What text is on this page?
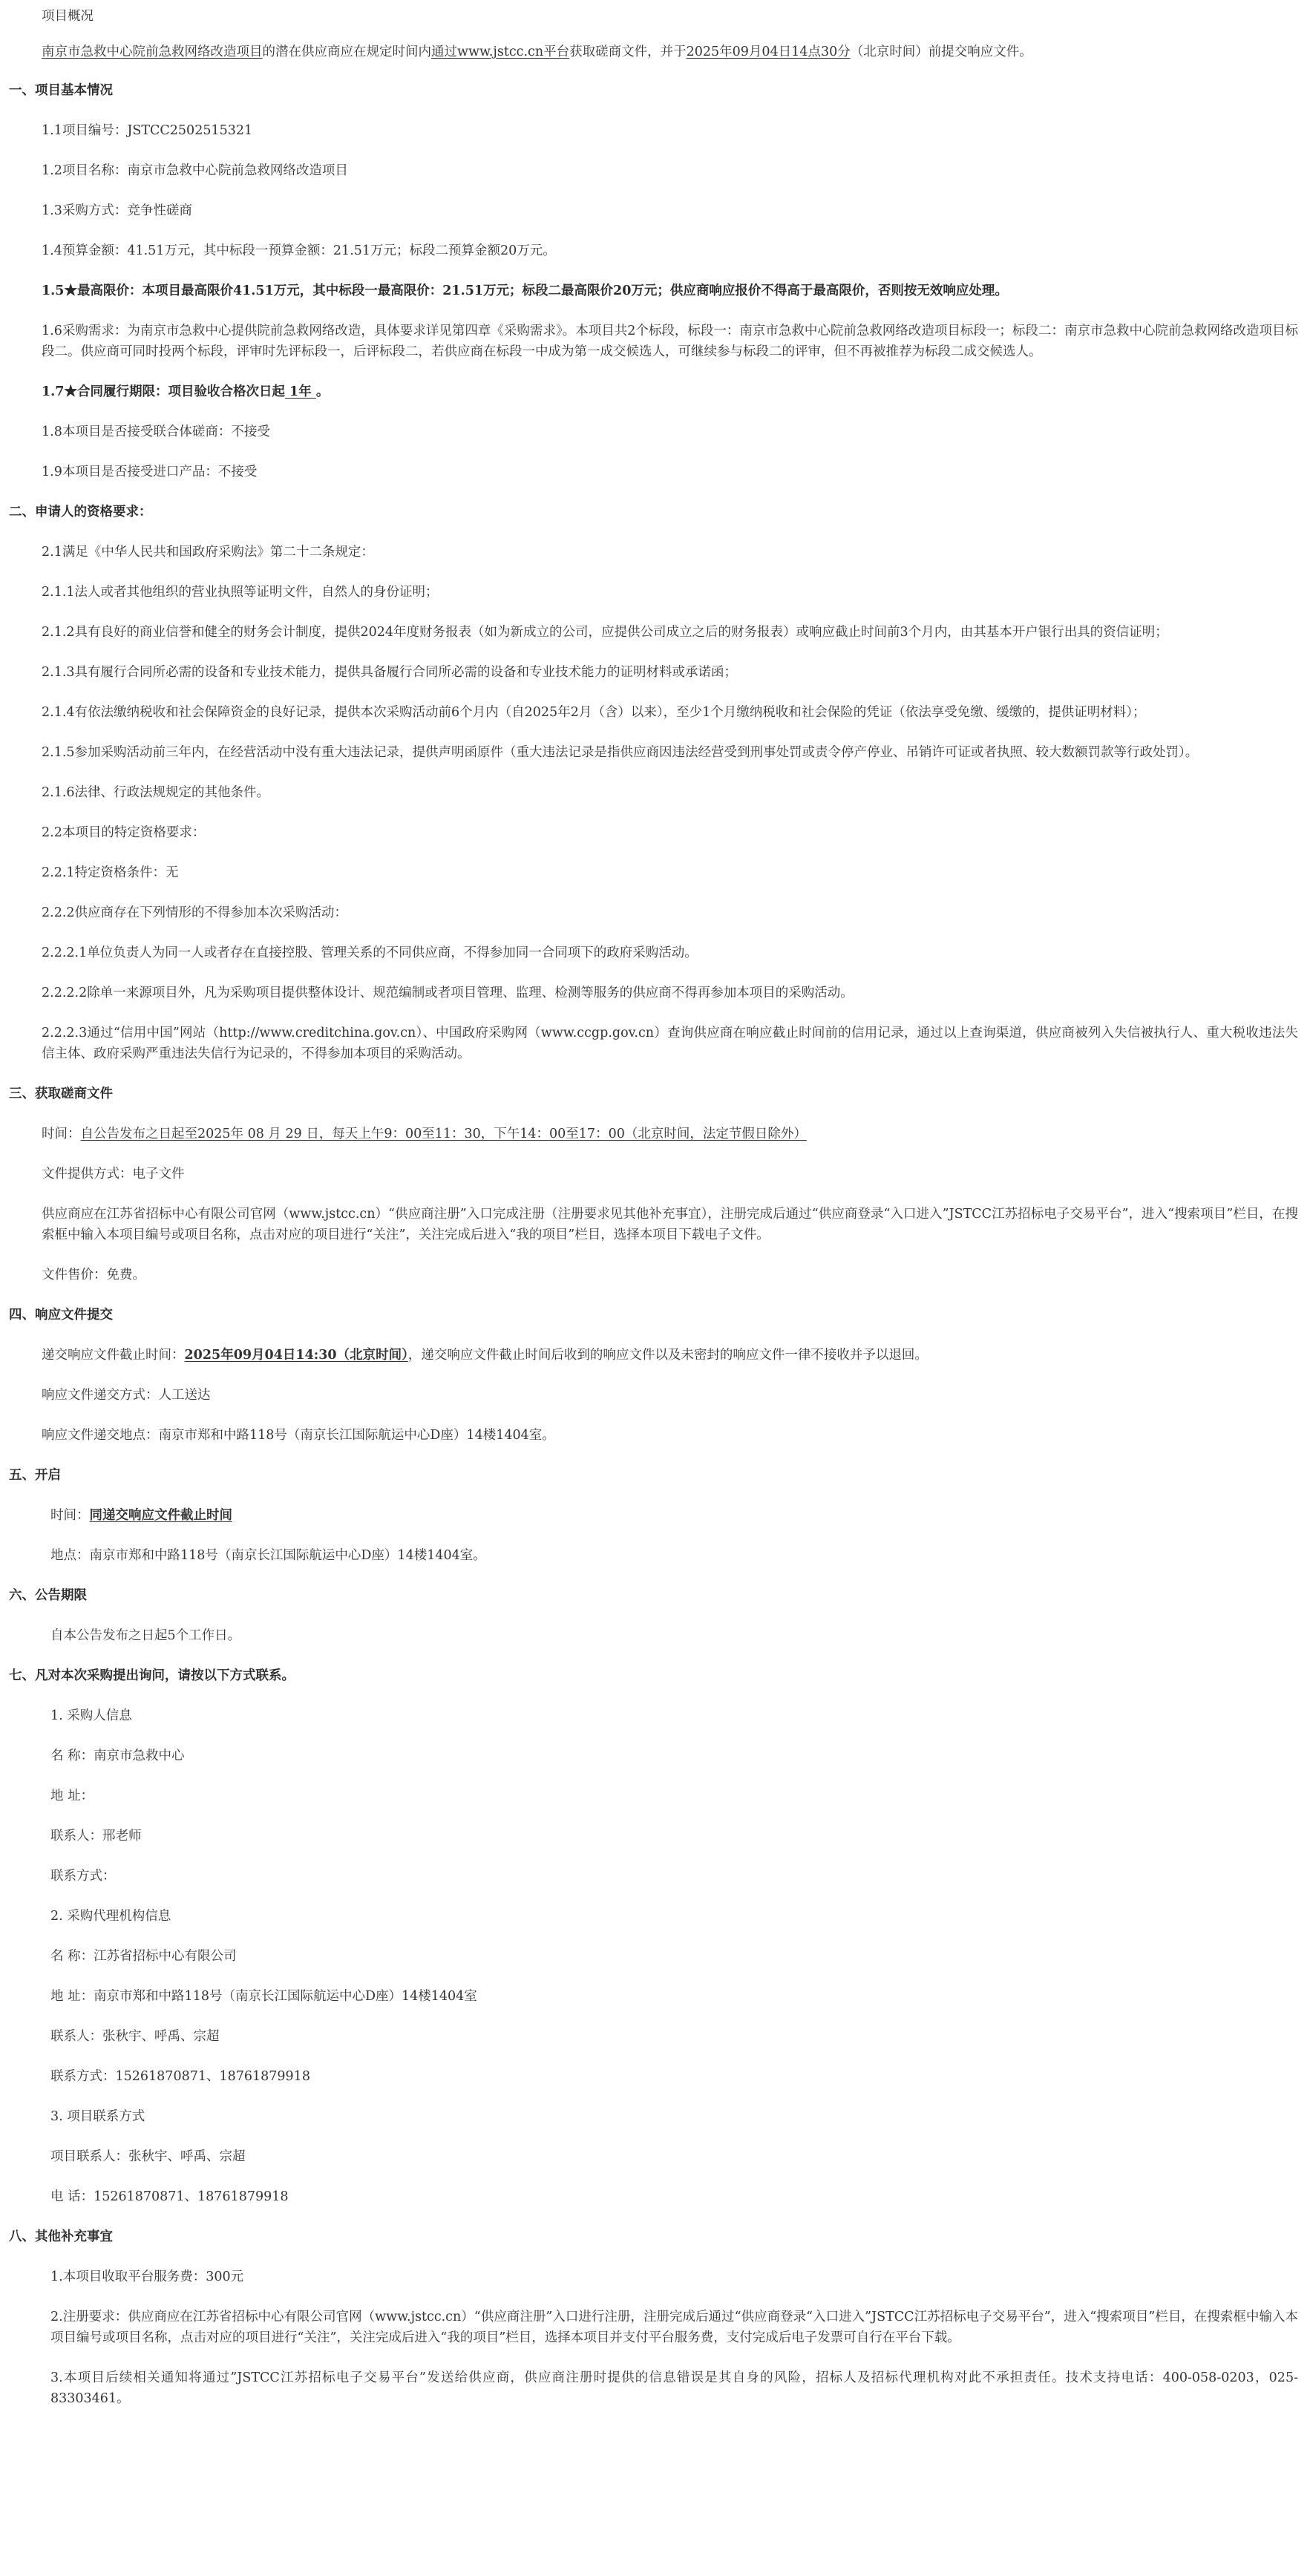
项目概况

南京市急救中心院前急救网络改造项目的潜在供应商应在规定时间内通过www.jstcc.cn平台获取磋商文件，并于2025年09月04日14点30分（北京时间）前提交响应文件。

一、项目基本情况

1.1项目编号：JSTCC2502515321

1.2项目名称：南京市急救中心院前急救网络改造项目

1.3采购方式：竞争性磋商

1.4预算金额：41.51万元，其中标段一预算金额：21.51万元；标段二预算金额20万元。

1.5★最高限价：本项目最高限价41.51万元，其中标段一最高限价：21.51万元；标段二最高限价20万元；供应商响应报价不得高于最高限价，否则按无效响应处理。

1.6采购需求：为南京市急救中心提供院前急救网络改造，具体要求详见第四章《采购需求》。本项目共2个标段，标段一：南京市急救中心院前急救网络改造项目标段一；标段二：南京市急救中心院前急救网络改造项目标段二。供应商可同时投两个标段，评审时先评标段一，后评标段二，若供应商在标段一中成为第一成交候选人，可继续参与标段二的评审，但不再被推荐为标段二成交候选人。

1.7★合同履行期限：项目验收合格次日起 1年 。

1.8本项目是否接受联合体磋商：不接受

1.9本项目是否接受进口产品：不接受

二、申请人的资格要求：

2.1满足《中华人民共和国政府采购法》第二十二条规定：

2.1.1法人或者其他组织的营业执照等证明文件，自然人的身份证明；

2.1.2具有良好的商业信誉和健全的财务会计制度，提供2024年度财务报表（如为新成立的公司，应提供公司成立之后的财务报表）或响应截止时间前3个月内，由其基本开户银行出具的资信证明；

2.1.3具有履行合同所必需的设备和专业技术能力，提供具备履行合同所必需的设备和专业技术能力的证明材料或承诺函；

2.1.4有依法缴纳税收和社会保障资金的良好记录，提供本次采购活动前6个月内（自2025年2月（含）以来），至少1个月缴纳税收和社会保险的凭证（依法享受免缴、缓缴的，提供证明材料）；

2.1.5参加采购活动前三年内，在经营活动中没有重大违法记录，提供声明函原件（重大违法记录是指供应商因违法经营受到刑事处罚或责令停产停业、吊销许可证或者执照、较大数额罚款等行政处罚）。

2.1.6法律、行政法规规定的其他条件。

2.2本项目的特定资格要求：

2.2.1特定资格条件：无

2.2.2供应商存在下列情形的不得参加本次采购活动：

2.2.2.1单位负责人为同一人或者存在直接控股、管理关系的不同供应商，不得参加同一合同项下的政府采购活动。

2.2.2.2除单一来源项目外，凡为采购项目提供整体设计、规范编制或者项目管理、监理、检测等服务的供应商不得再参加本项目的采购活动。

2.2.2.3通过“信用中国”网站（http://www.creditchina.gov.cn）、中国政府采购网（www.ccgp.gov.cn）查询供应商在响应截止时间前的信用记录，通过以上查询渠道，供应商被列入失信被执行人、重大税收违法失信主体、政府采购严重违法失信行为记录的，不得参加本项目的采购活动。

三、获取磋商文件

时间：自公告发布之日起至2025年 08 月 29 日，每天上午9：00至11：30，下午14：00至17：00（北京时间，法定节假日除外）

文件提供方式：电子文件

供应商应在江苏省招标中心有限公司官网（www.jstcc.cn）“供应商注册”入口完成注册（注册要求见其他补充事宜），注册完成后通过“供应商登录“入口进入”JSTCC江苏招标电子交易平台”，进入“搜索项目”栏目，在搜索框中输入本项目编号或项目名称，点击对应的项目进行“关注”，关注完成后进入“我的项目”栏目，选择本项目下载电子文件。

文件售价：免费。

四、响应文件提交

递交响应文件截止时间：2025年09月04日14:30（北京时间），递交响应文件截止时间后收到的响应文件以及未密封的响应文件一律不接收并予以退回。

响应文件递交方式：人工送达

响应文件递交地点：南京市郑和中路118号（南京长江国际航运中心D座）14楼1404室。

五、开启

时间：同递交响应文件截止时间

地点：南京市郑和中路118号（南京长江国际航运中心D座）14楼1404室。

六、公告期限

自本公告发布之日起5个工作日。

七、凡对本次采购提出询问，请按以下方式联系。

1. 采购人信息

名 称：南京市急救中心

地 址：

联系人：邢老师

联系方式：

2. 采购代理机构信息

名 称：江苏省招标中心有限公司

地 址：南京市郑和中路118号（南京长江国际航运中心D座）14楼1404室

联系人：张秋宇、呼禹、宗超

联系方式：15261870871、18761879918

3. 项目联系方式

项目联系人：张秋宇、呼禹、宗超

电 话：15261870871、18761879918

八、其他补充事宜

1.本项目收取平台服务费：300元

2.注册要求：供应商应在江苏省招标中心有限公司官网（www.jstcc.cn）“供应商注册”入口进行注册，注册完成后通过“供应商登录“入口进入”JSTCC江苏招标电子交易平台”，进入“搜索项目”栏目，在搜索框中输入本项目编号或项目名称，点击对应的项目进行“关注”，关注完成后进入“我的项目”栏目，选择本项目并支付平台服务费，支付完成后电子发票可自行在平台下载。

3.本项目后续相关通知将通过”JSTCC江苏招标电子交易平台”发送给供应商，供应商注册时提供的信息错误是其自身的风险，招标人及招标代理机构对此不承担责任。技术支持电话：400-058-0203，025-83303461。
